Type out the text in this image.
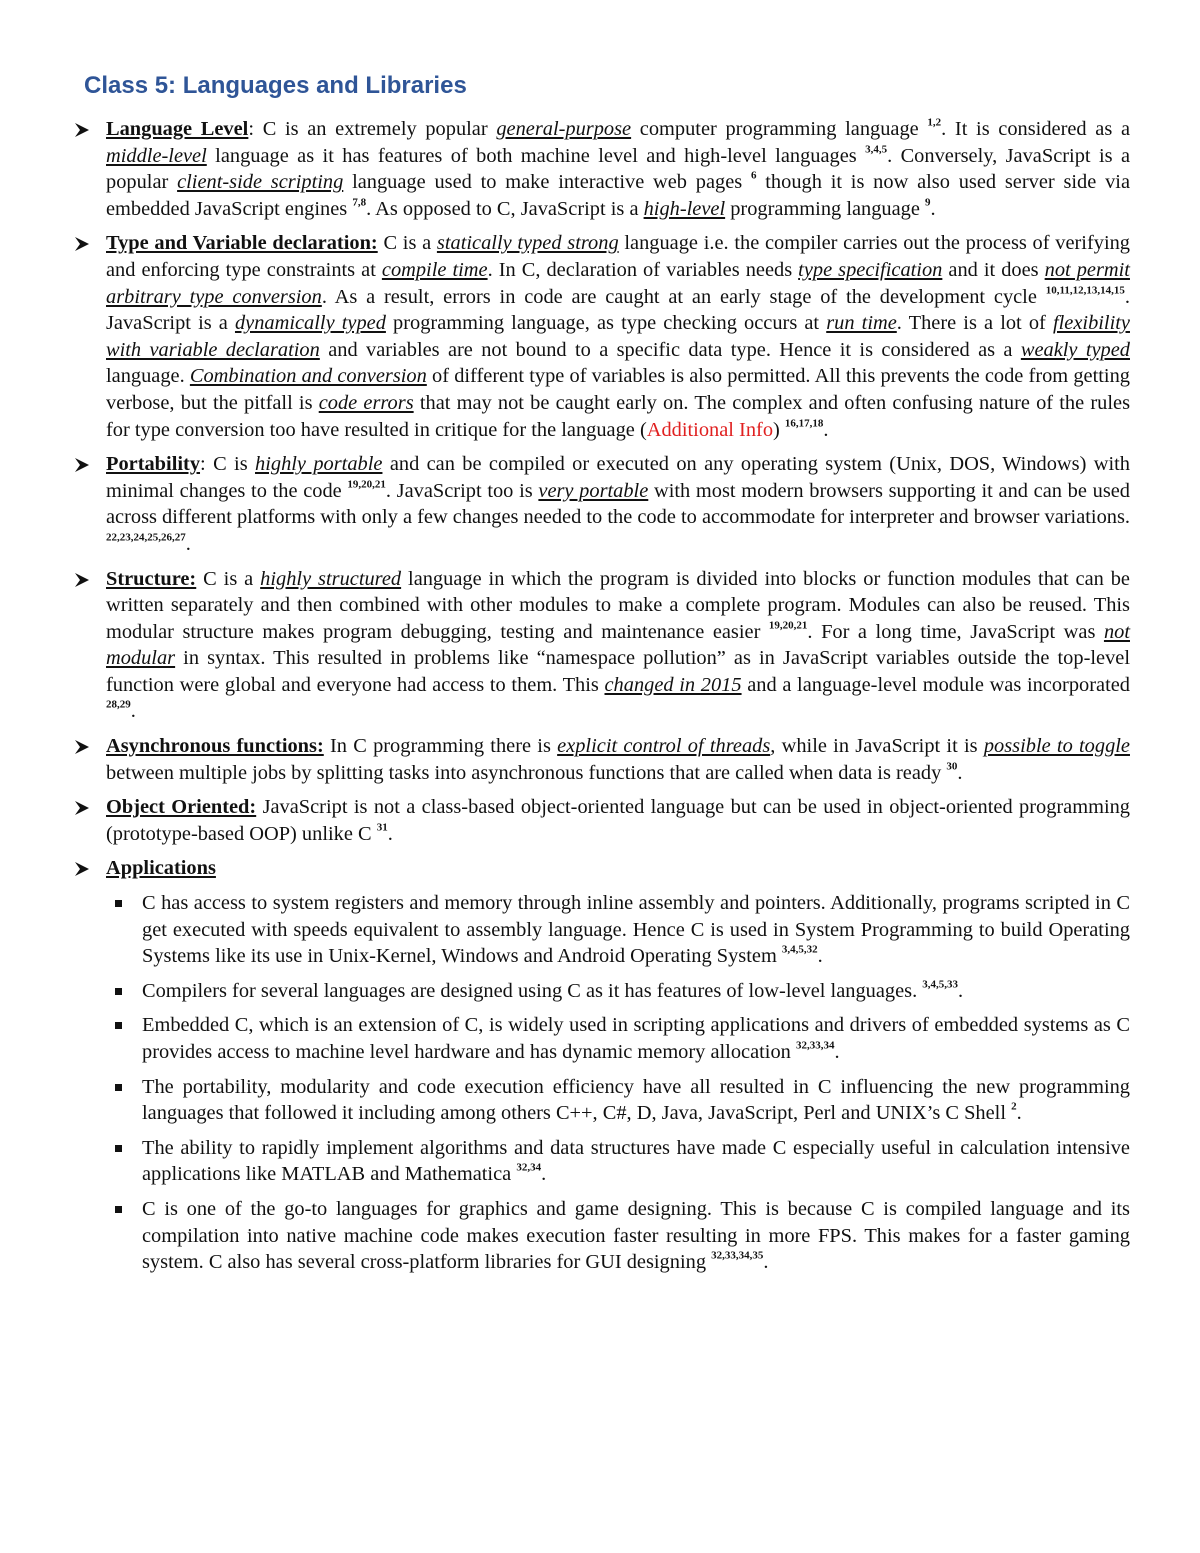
Class 5: Languages and Libraries
Language Level: C is an extremely popular general-purpose computer programming language $^{1,2}$. It is considered as a middle-level language as it has features of both machine level and high-level languages $^{3,4,5}$. Conversely, JavaScript is a popular client-side scripting language used to make interactive web pages $^6$ though it is now also used server side via embedded JavaScript engines $^{7,8}$. As opposed to C, JavaScript is a high-level programming language $^9$.
Type and Variable declaration: C is a statically typed strong language i.e. the compiler carries out the process of verifying and enforcing type constraints at compile time. In C, declaration of variables needs type specification and it does not permit arbitrary type conversion. As a result, errors in code are caught at an early stage of the development cycle $^{10,11,12,13,14,15}$. JavaScript is a dynamically typed programming language, as type checking occurs at run time. There is a lot of flexibility with variable declaration and variables are not bound to a specific data type. Hence it is considered as a weakly typed language. Combination and conversion of different type of variables is also permitted. All this prevents the code from getting verbose, but the pitfall is code errors that may not be caught early on. The complex and often confusing nature of the rules for type conversion too have resulted in critique for the language (Additional Info) $^{16,17,18}$.
Portability: C is highly portable and can be compiled or executed on any operating system (Unix, DOS, Windows) with minimal changes to the code $^{19,20,21}$. JavaScript too is very portable with most modern browsers supporting it and can be used across different platforms with only a few changes needed to the code to accommodate for interpreter and browser variations. $^{22,23,24,25,26,27}$.
Structure: C is a highly structured language in which the program is divided into blocks or function modules that can be written separately and then combined with other modules to make a complete program. Modules can also be reused. This modular structure makes program debugging, testing and maintenance easier $^{19,20,21}$. For a long time, JavaScript was not modular in syntax. This resulted in problems like “namespace pollution” as in JavaScript variables outside the top-level function were global and everyone had access to them. This changed in 2015 and a language-level module was incorporated $^{28,29}$.
Asynchronous functions: In C programming there is explicit control of threads, while in JavaScript it is possible to toggle between multiple jobs by splitting tasks into asynchronous functions that are called when data is ready $^{30}$.
Object Oriented: JavaScript is not a class-based object-oriented language but can be used in object-oriented programming (prototype-based OOP) unlike C $^{31}$.
Applications
C has access to system registers and memory through inline assembly and pointers. Additionally, programs scripted in C get executed with speeds equivalent to assembly language. Hence C is used in System Programming to build Operating Systems like its use in Unix-Kernel, Windows and Android Operating System $^{3,4,5,32}$.
Compilers for several languages are designed using C as it has features of low-level languages. $^{3,4,5,33}$.
Embedded C, which is an extension of C, is widely used in scripting applications and drivers of embedded systems as C provides access to machine level hardware and has dynamic memory allocation $^{32,33,34}$.
The portability, modularity and code execution efficiency have all resulted in C influencing the new programming languages that followed it including among others C++, C#, D, Java, JavaScript, Perl and UNIX’s C Shell $^2$.
The ability to rapidly implement algorithms and data structures have made C especially useful in calculation intensive applications like MATLAB and Mathematica $^{32,34}$.
C is one of the go-to languages for graphics and game designing. This is because C is compiled language and its compilation into native machine code makes execution faster resulting in more FPS. This makes for a faster gaming system. C also has several cross-platform libraries for GUI designing $^{32,33,34,35}$.
